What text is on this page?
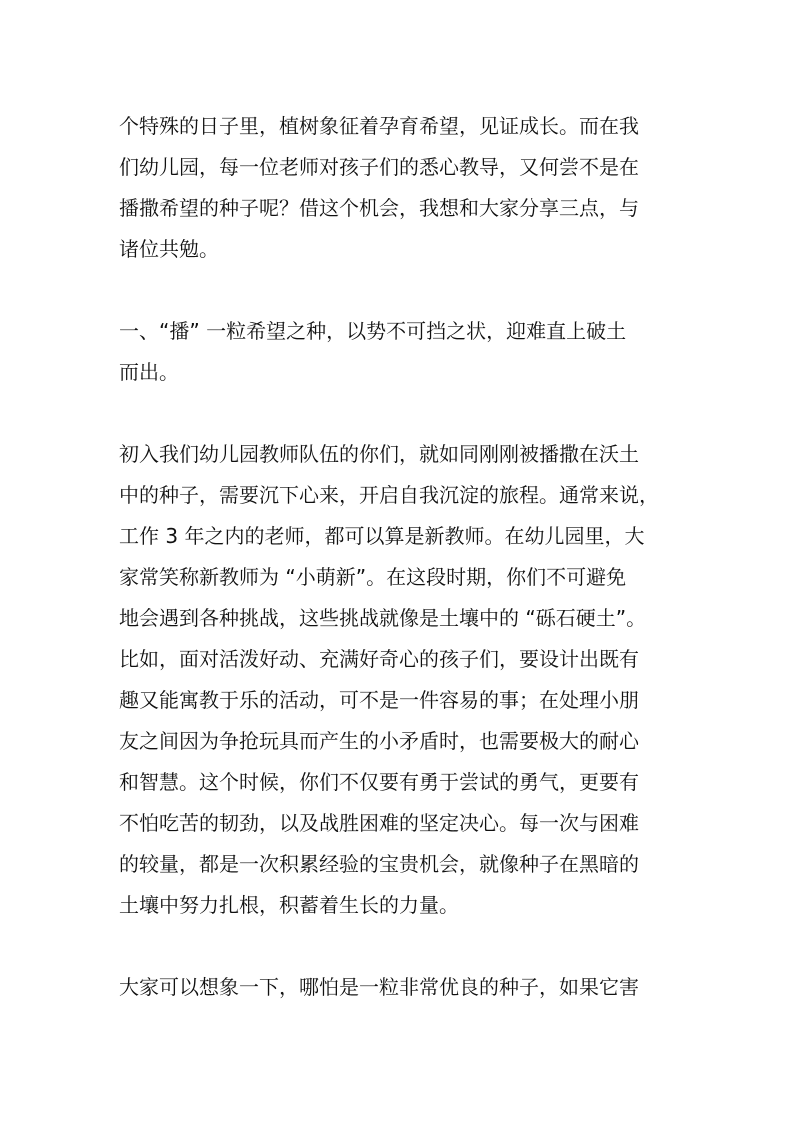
个特殊的日子里，植树象征着孕育希望，见证成长。而在我
们幼儿园，每一位老师对孩子们的悉心教导，又何尝不是在
播撒希望的种子呢？借这个机会，我想和大家分享三点，与
诸位共勉。
一、“播” 一粒希望之种，以势不可挡之状，迎难直上破土
而出。
初入我们幼儿园教师队伍的你们，就如同刚刚被播撒在沃土
中的种子，需要沉下心来，开启自我沉淀的旅程。通常来说，
工作 3 年之内的老师，都可以算是新教师。在幼儿园里，大
家常笑称新教师为 “小萌新”。在这段时期，你们不可避免
地会遇到各种挑战，这些挑战就像是土壤中的 “砾石硬土”。
比如，面对活泼好动、充满好奇心的孩子们，要设计出既有
趣又能寓教于乐的活动，可不是一件容易的事；在处理小朋
友之间因为争抢玩具而产生的小矛盾时，也需要极大的耐心
和智慧。这个时候，你们不仅要有勇于尝试的勇气，更要有
不怕吃苦的韧劲，以及战胜困难的坚定决心。每一次与困难
的较量，都是一次积累经验的宝贵机会，就像种子在黑暗的
土壤中努力扎根，积蓄着生长的力量。
大家可以想象一下，哪怕是一粒非常优良的种子，如果它害
